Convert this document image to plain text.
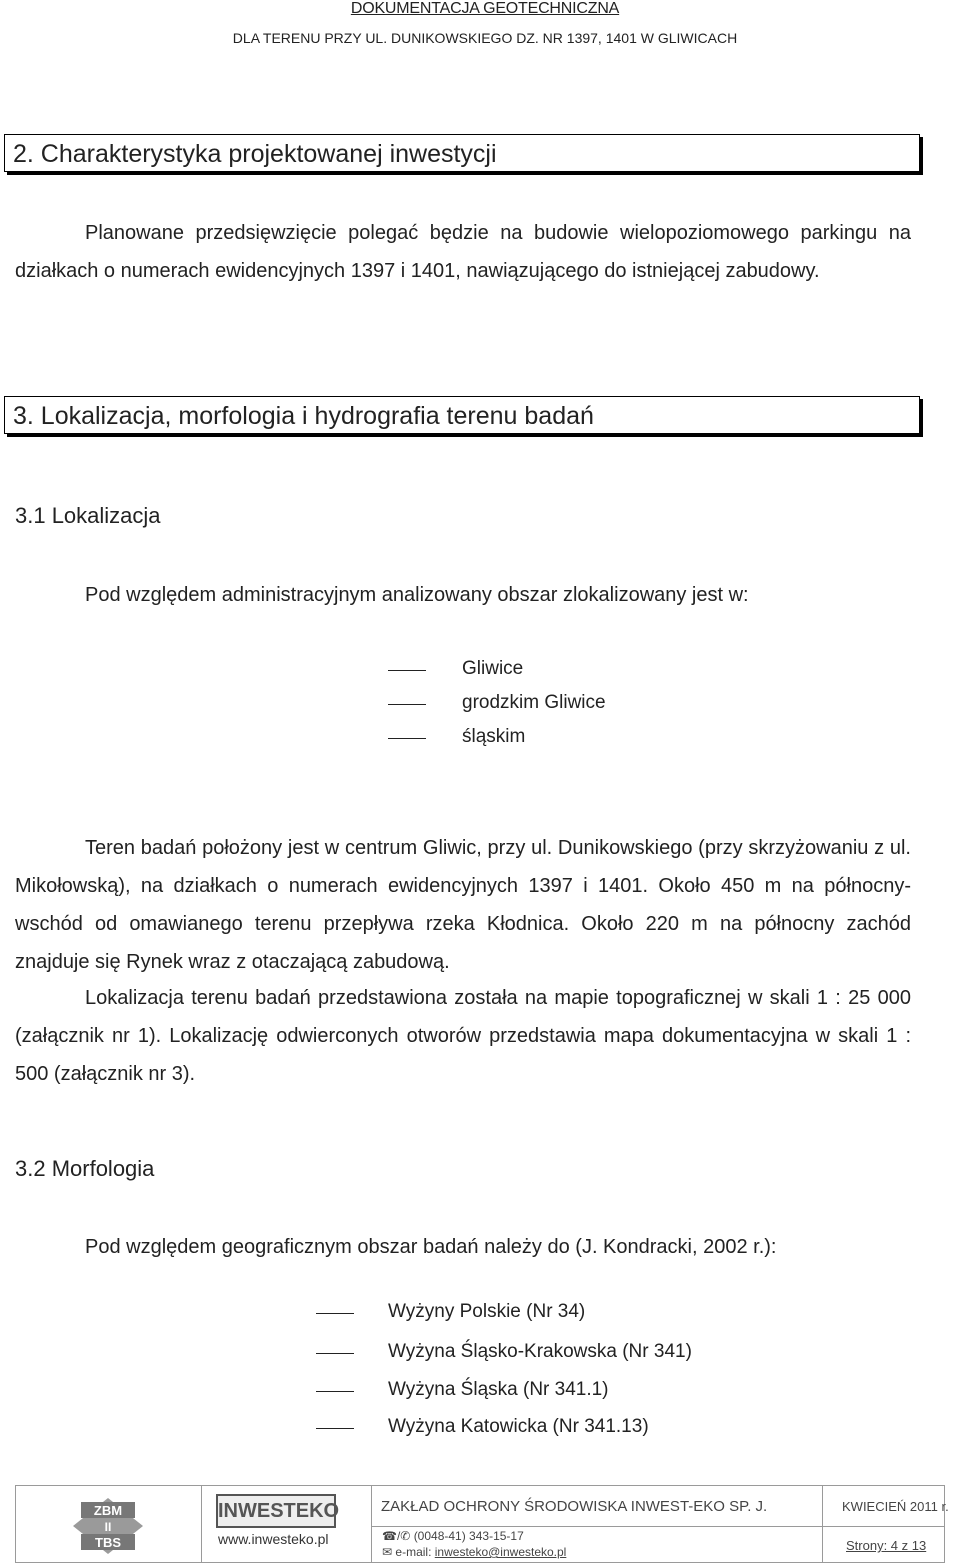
DOKUMENTACJA GEOTECHNICZNA
DLA TERENU PRZY UL. DUNIKOWSKIEGO DZ. NR 1397, 1401 W GLIWICACH
2. Charakterystyka projektowanej inwestycji
Planowane przedsięwzięcie polegać będzie na budowie wielopoziomowego parkingu na działkach o numerach ewidencyjnych 1397 i 1401, nawiązującego do istniejącej zabudowy.
3. Lokalizacja, morfologia i hydrografia terenu badań
3.1 Lokalizacja
Pod względem administracyjnym analizowany obszar zlokalizowany jest w:
Gliwice
grodzkim Gliwice
śląskim
Teren badań położony jest w centrum Gliwic, przy ul. Dunikowskiego (przy skrzyżowaniu z ul. Mikołowską), na działkach o numerach ewidencyjnych 1397 i 1401. Około 450 m na północny-wschód od omawianego terenu przepływa rzeka Kłodnica. Około 220 m na północny zachód znajduje się Rynek wraz z otaczającą zabudową.
Lokalizacja terenu badań przedstawiona została na mapie topograficznej w skali 1 : 25 000 (załącznik nr 1). Lokalizację odwierconych otworów przedstawia mapa dokumentacyjna w skali 1 : 500 (załącznik nr 3).
3.2 Morfologia
Pod względem geograficznym obszar badań należy do (J. Kondracki, 2002 r.):
Wyżyny Polskie (Nr 34)
Wyżyna Śląsko-Krakowska (Nr 341)
Wyżyna Śląska (Nr 341.1)
Wyżyna Katowicka (Nr 341.13)
ZBM
II
TBS
INWESTEKO
www.inwesteko.pl
ZAKŁAD OCHRONY ŚRODOWISKA INWEST-EKO SP. J.
☎/✆ (0048-41) 343-15-17
✉ e-mail: inwesteko@inwesteko.pl
KWIECIEŃ 2011 r.
Strony: 4 z 13
